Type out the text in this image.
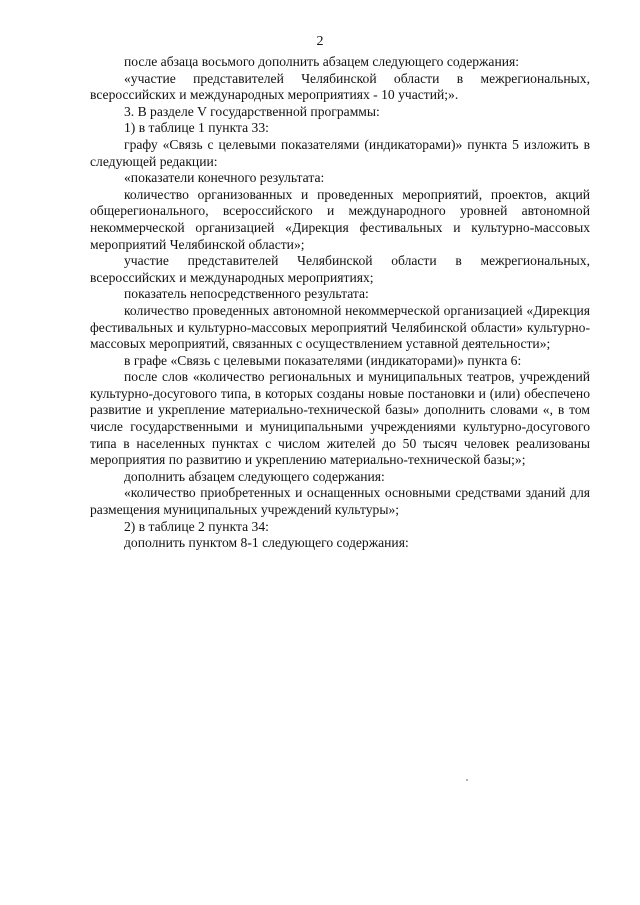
2

после абзаца восьмого дополнить абзацем следующего содержания:

«участие представителей Челябинской области в межрегиональных, всероссийских и международных мероприятиях - 10 участий;».

3. В разделе V государственной программы:

1) в таблице 1 пункта 33:

графу «Связь с целевыми показателями (индикаторами)» пункта 5 изложить в следующей редакции:

«показатели конечного результата:

количество организованных и проведенных мероприятий, проектов, акций общерегионального, всероссийского и международного уровней автономной некоммерческой организацией «Дирекция фестивальных и культурно-массовых мероприятий Челябинской области»;

участие представителей Челябинской области в межрегиональных, всероссийских и международных мероприятиях;

показатель непосредственного результата:

количество проведенных автономной некоммерческой организацией «Дирекция фестивальных и культурно-массовых мероприятий Челябинской области» культурно-массовых мероприятий, связанных с осуществлением уставной деятельности»;

в графе «Связь с целевыми показателями (индикаторами)» пункта 6:

после слов «количество региональных и муниципальных театров, учреждений культурно-досугового типа, в которых созданы новые постановки и (или) обеспечено развитие и укрепление материально-технической базы» дополнить словами «, в том числе государственными и муниципальными учреждениями культурно-досугового типа в населенных пунктах с числом жителей до 50 тысяч человек реализованы мероприятия по развитию и укреплению материально-технической базы;»;

дополнить абзацем следующего содержания:

«количество приобретенных и оснащенных основными средствами зданий для размещения муниципальных учреждений культуры»;

2) в таблице 2 пункта 34:

дополнить пунктом 8-1 следующего содержания:
